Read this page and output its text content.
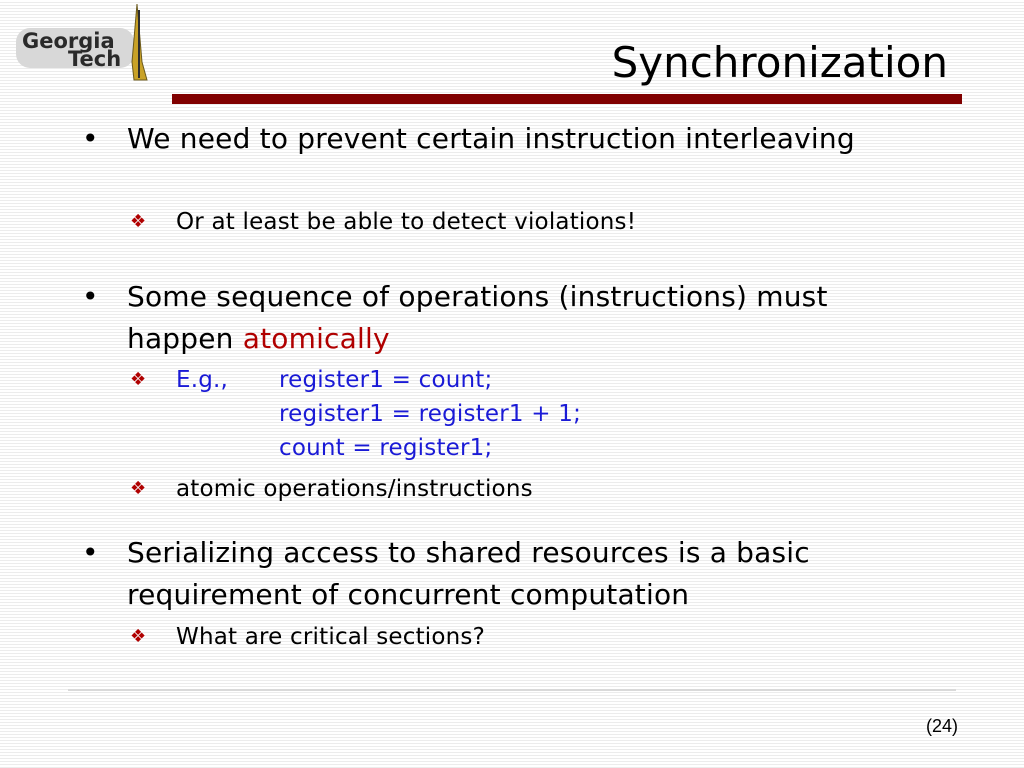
Georgia
Tech	Synchronization
• We need to prevent certain instruction interleaving
❖ Or at least be able to detect violations!
• Some sequence of operations (instructions) must happen atomically
❖ E.g.,	register1 = count;
register1 = register1 + 1;
count = register1;
❖ atomic operations/instructions
• Serializing access to shared resources is a basic requirement of concurrent computation
❖ What are critical sections?
(24)
